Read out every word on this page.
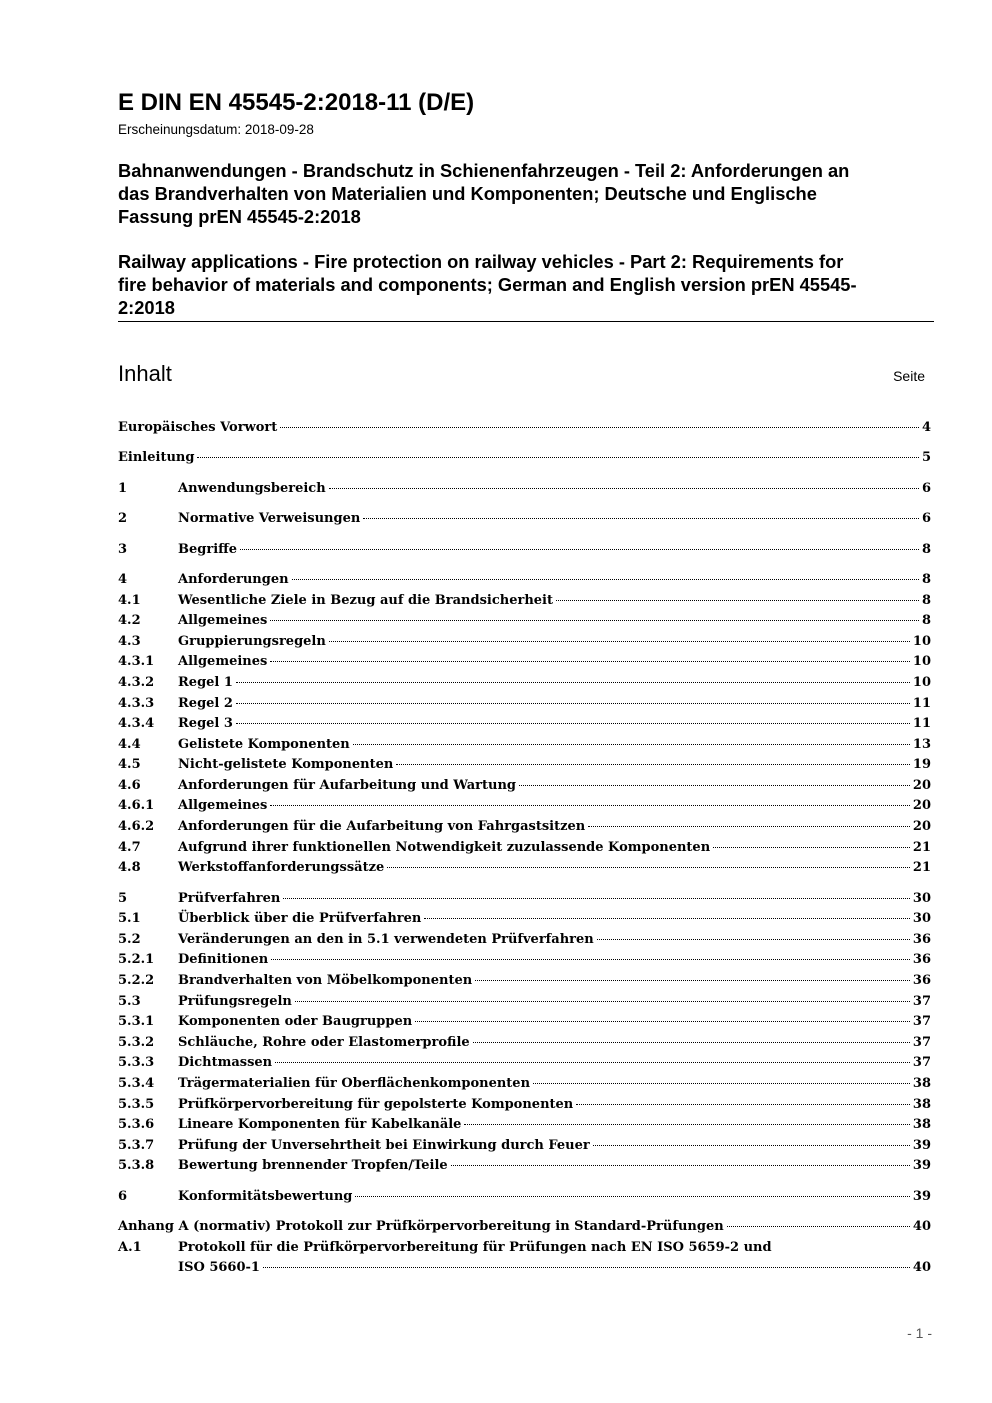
E DIN EN 45545-2:2018-11 (D/E)
Erscheinungsdatum: 2018-09-28
Bahnanwendungen - Brandschutz in Schienenfahrzeugen - Teil 2: Anforderungen an
das Brandverhalten von Materialien und Komponenten; Deutsche und Englische
Fassung prEN 45545-2:2018
Railway applications - Fire protection on railway vehicles - Part 2: Requirements for
fire behavior of materials and components; German and English version prEN 45545-
2:2018
Inhalt	Seite
Europäisches Vorwort	4
Einleitung	5
1	Anwendungsbereich	6
2	Normative Verweisungen	6
3	Begriffe	8
4	Anforderungen	8
4.1	Wesentliche Ziele in Bezug auf die Brandsicherheit	8
4.2	Allgemeines	8
4.3	Gruppierungsregeln	10
4.3.1	Allgemeines	10
4.3.2	Regel 1	10
4.3.3	Regel 2	11
4.3.4	Regel 3	11
4.4	Gelistete Komponenten	13
4.5	Nicht-gelistete Komponenten	19
4.6	Anforderungen für Aufarbeitung und Wartung	20
4.6.1	Allgemeines	20
4.6.2	Anforderungen für die Aufarbeitung von Fahrgastsitzen	20
4.7	Aufgrund ihrer funktionellen Notwendigkeit zuzulassende Komponenten	21
4.8	Werkstoffanforderungssätze	21
5	Prüfverfahren	30
5.1	Überblick über die Prüfverfahren	30
5.2	Veränderungen an den in 5.1 verwendeten Prüfverfahren	36
5.2.1	Definitionen	36
5.2.2	Brandverhalten von Möbelkomponenten	36
5.3	Prüfungsregeln	37
5.3.1	Komponenten oder Baugruppen	37
5.3.2	Schläuche, Rohre oder Elastomerprofile	37
5.3.3	Dichtmassen	37
5.3.4	Trägermaterialien für Oberflächenkomponenten	38
5.3.5	Prüfkörpervorbereitung für gepolsterte Komponenten	38
5.3.6	Lineare Komponenten für Kabelkanäle	38
5.3.7	Prüfung der Unversehrtheit bei Einwirkung durch Feuer	39
5.3.8	Bewertung brennender Tropfen/Teile	39
6	Konformitätsbewertung	39
Anhang A (normativ) Protokoll zur Prüfkörpervorbereitung in Standard-Prüfungen	40
A.1	Protokoll für die Prüfkörpervorbereitung für Prüfungen nach EN ISO 5659-2 und
ISO 5660-1	40
- 1 -
